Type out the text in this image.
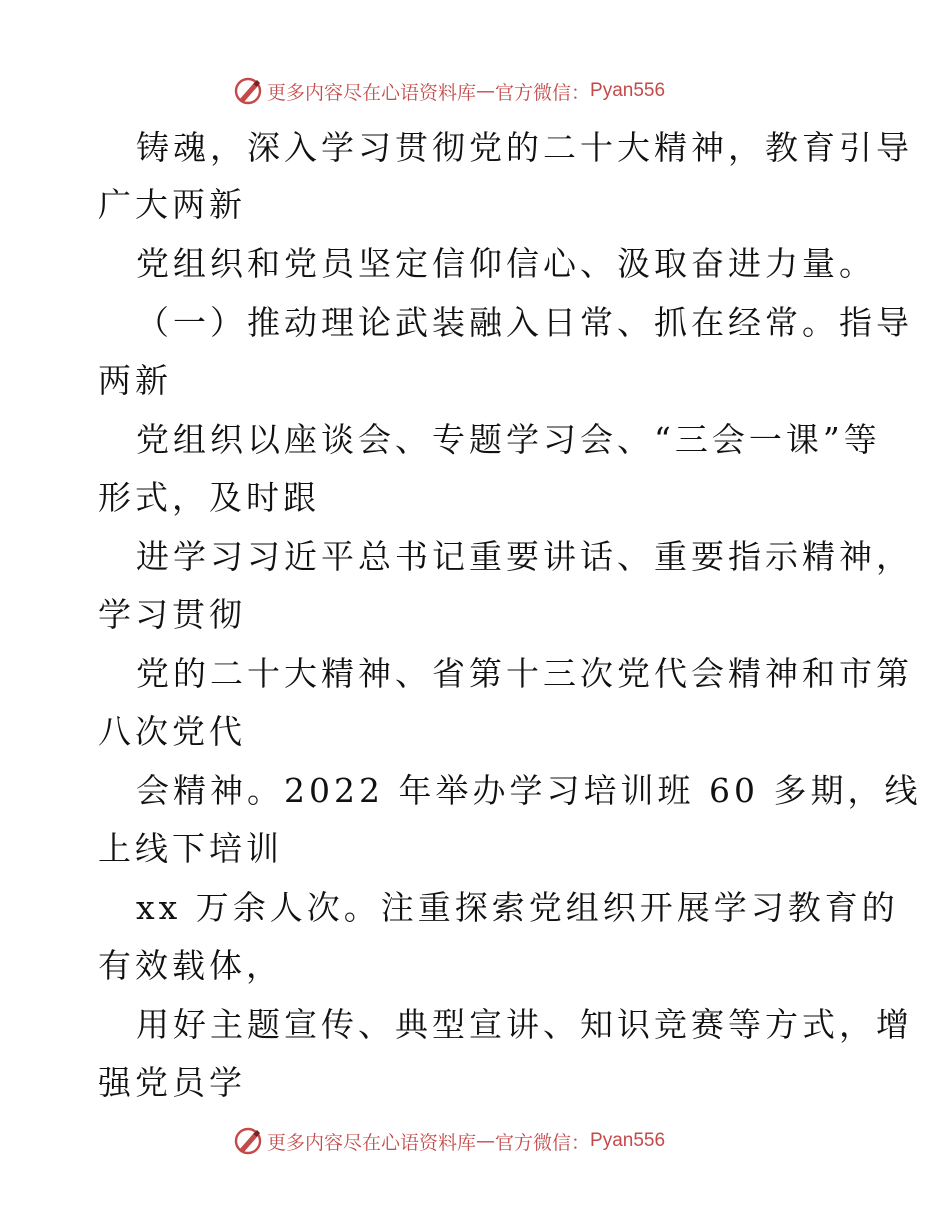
更多内容尽在心语资料库 — 官方微信： Pyan556
铸魂，深入学习贯彻党的二十大精神，教育引导
广大两新
党组织和党员坚定信仰信心、汲取奋进力量。
（一）推动理论武装融入日常、抓在经常。指导
两新
党组织以座谈会、专题学习会、“三会一课”等
形式，及时跟
进学习习近平总书记重要讲话、重要指示精神，
学习贯彻
党的二十大精神、省第十三次党代会精神和市第
八次党代
会精神。2022 年举办学习培训班 60 多期，线
上线下培训
xx 万余人次。注重探索党组织开展学习教育的
有效载体，
用好主题宣传、典型宣讲、知识竞赛等方式，增
强党员学
更多内容尽在心语资料库 — 官方微信： Pyan556
